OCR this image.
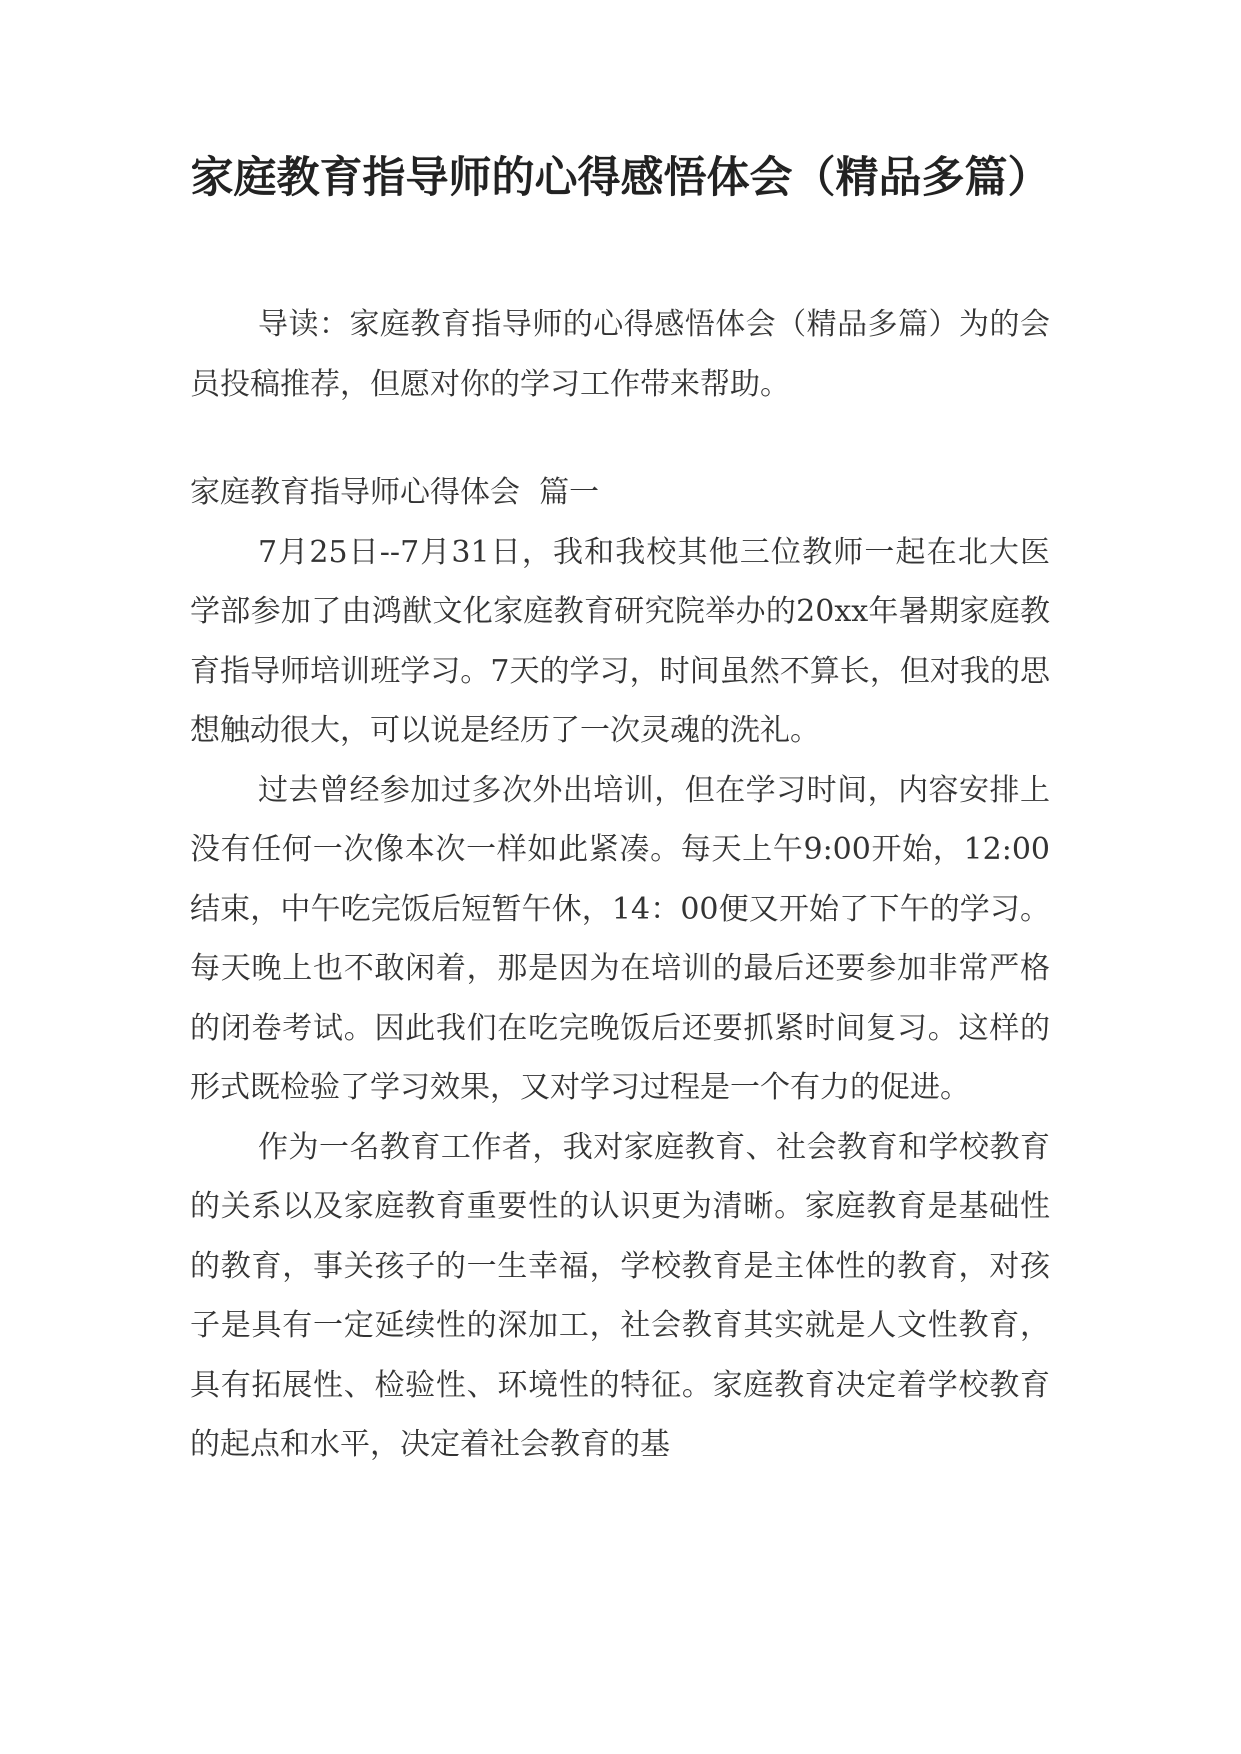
家庭教育指导师的心得感悟体会（精品多篇）

导读：家庭教育指导师的心得感悟体会（精品多篇）为的会员投稿推荐，但愿对你的学习工作带来帮助。

家庭教育指导师心得体会  篇一

7月25日--7月31日，我和我校其他三位教师一起在北大医学部参加了由鸿猷文化家庭教育研究院举办的20xx年暑期家庭教育指导师培训班学习。7天的学习，时间虽然不算长，但对我的思想触动很大，可以说是经历了一次灵魂的洗礼。

过去曾经参加过多次外出培训，但在学习时间，内容安排上没有任何一次像本次一样如此紧凑。每天上午9:00开始，12:00结束，中午吃完饭后短暂午休，14：00便又开始了下午的学习。每天晚上也不敢闲着，那是因为在培训的最后还要参加非常严格的闭卷考试。因此我们在吃完晚饭后还要抓紧时间复习。这样的形式既检验了学习效果，又对学习过程是一个有力的促进。

作为一名教育工作者，我对家庭教育、社会教育和学校教育的关系以及家庭教育重要性的认识更为清晰。家庭教育是基础性的教育，事关孩子的一生幸福，学校教育是主体性的教育，对孩子是具有一定延续性的深加工，社会教育其实就是人文性教育，具有拓展性、检验性、环境性的特征。家庭教育决定着学校教育的起点和水平，决定着社会教育的基
